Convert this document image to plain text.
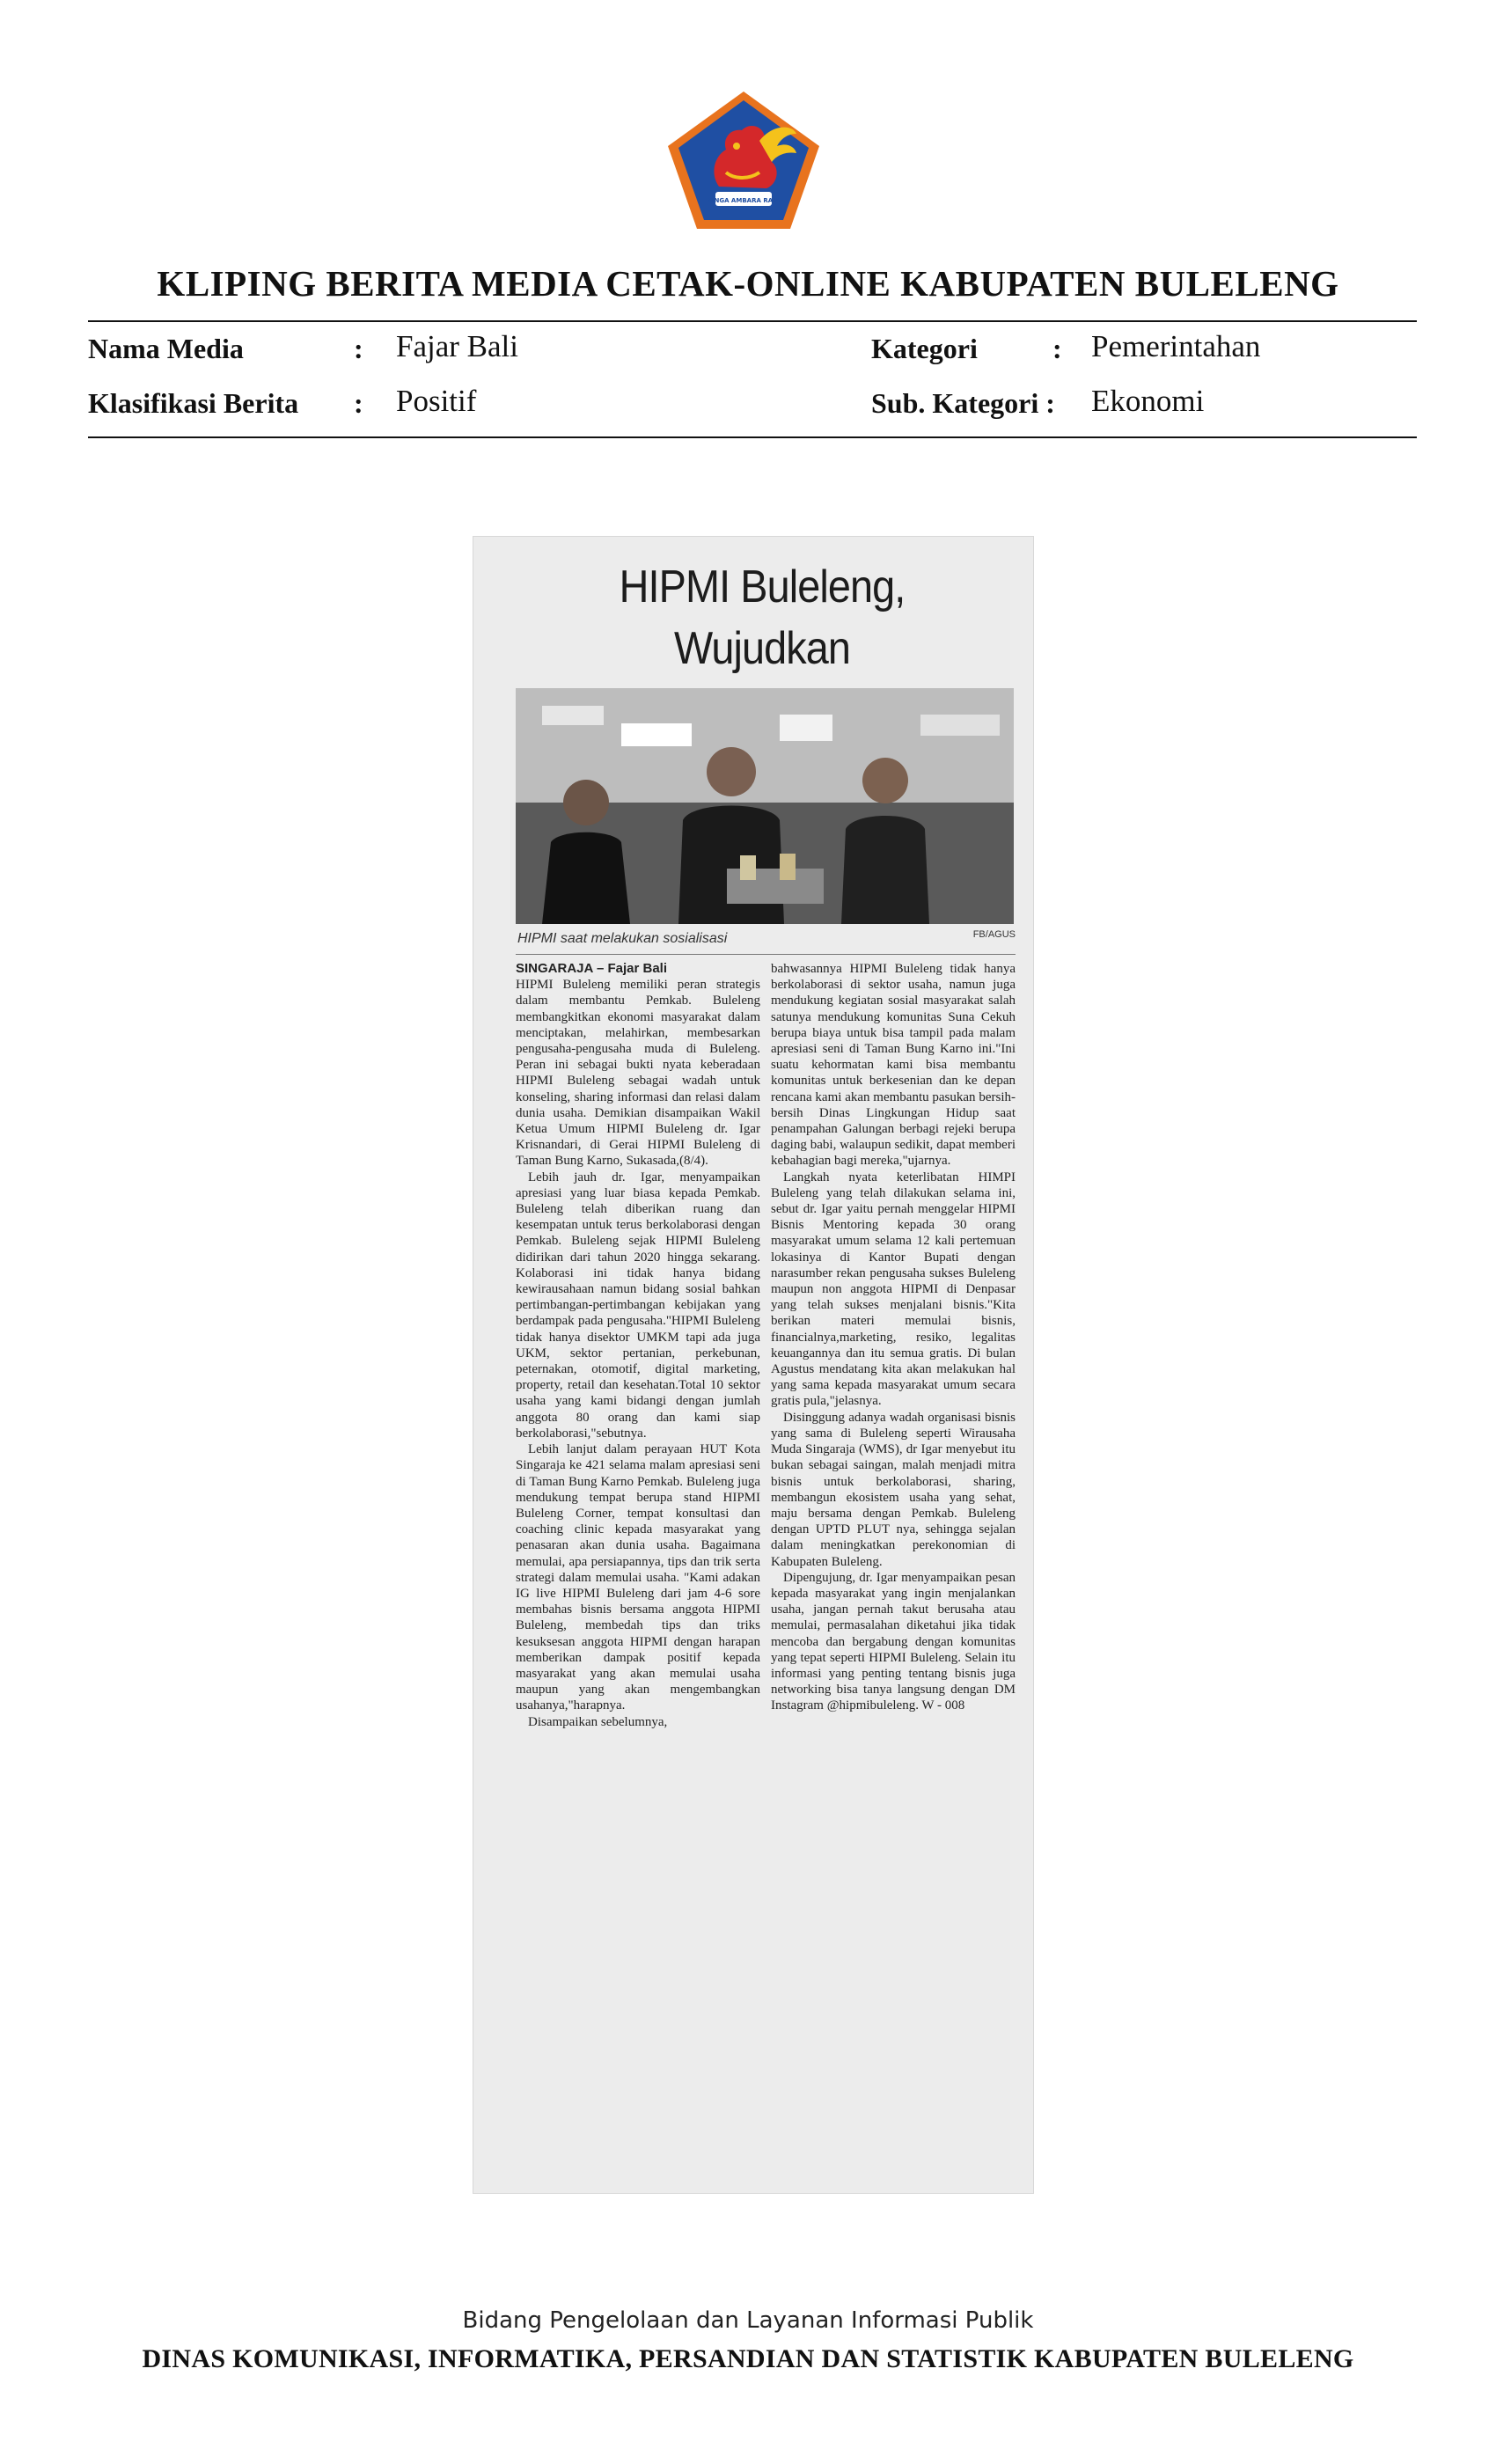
SINGA AMBARA RAJA
KLIPING BERITA MEDIA CETAK-ONLINE KABUPATEN BULELENG
Nama Media	: Fajar Bali	Kategori	: Pemerintahan
Klasifikasi Berita : Positif	Sub. Kategori : Ekonomi
HIPMI Buleleng, Wujudkan
HIPMI saat melakukan sosialisasi	FB/AGUS
SINGARAJA – Fajar Bali

HIPMI Buleleng memiliki peran strategis dalam membantu Pemkab. Buleleng membangkitkan ekonomi masyarakat dalam menciptakan, melahirkan, membesarkan pengusaha-pengusaha muda di Buleleng. Peran ini sebagai bukti nyata keberadaan HIPMI Buleleng sebagai wadah untuk konseling, sharing informasi dan relasi dalam dunia usaha. Demikian disampaikan Wakil Ketua Umum HIPMI Buleleng dr. Igar Krisnandari, di Gerai HIPMI Buleleng di Taman Bung Karno, Sukasada,(8/4).

Lebih jauh dr. Igar, menyampaikan apresiasi yang luar biasa kepada Pemkab. Buleleng telah diberikan ruang dan kesempatan untuk terus berkolaborasi dengan Pemkab. Buleleng sejak HIPMI Buleleng didirikan dari tahun 2020 hingga sekarang. Kolaborasi ini tidak hanya bidang kewirausahaan namun bidang sosial bahkan pertimbangan-pertimbangan kebijakan yang berdampak pada pengusaha."HIPMI Buleleng tidak hanya disektor UMKM tapi ada juga UKM, sektor pertanian, perkebunan, peternakan, otomotif, digital marketing, property, retail dan kesehatan.Total 10 sektor usaha yang kami bidangi dengan jumlah anggota 80 orang dan kami siap berkolaborasi,"sebutnya.

Lebih lanjut dalam perayaan HUT Kota Singaraja ke 421 selama malam apresiasi seni di Taman Bung Karno Pemkab. Buleleng juga mendukung tempat berupa stand HIPMI Buleleng Corner, tempat konsultasi dan coaching clinic kepada masyarakat yang penasaran akan dunia usaha. Bagaimana memulai, apa persiapannya, tips dan trik serta strategi dalam memulai usaha. "Kami adakan IG live HIPMI Buleleng dari jam 4-6 sore membahas bisnis bersama anggota HIPMI Buleleng, membedah tips dan triks kesuksesan anggota HIPMI dengan harapan memberikan dampak positif kepada masyarakat yang akan memulai usaha maupun yang akan mengembangkan usahanya,"harapnya.

Disampaikan sebelumnya,

bahwasannya HIPMI Buleleng tidak hanya berkolaborasi di sektor usaha, namun juga mendukung kegiatan sosial masyarakat salah satunya mendukung komunitas Suna Cekuh berupa biaya untuk bisa tampil pada malam apresiasi seni di Taman Bung Karno ini."Ini suatu kehormatan kami bisa membantu komunitas untuk berkesenian dan ke depan rencana kami akan membantu pasukan bersih-bersih Dinas Lingkungan Hidup saat penampahan Galungan berbagi rejeki berupa daging babi, walaupun sedikit, dapat memberi kebahagian bagi mereka,"ujarnya.

Langkah nyata keterlibatan HIMPI Buleleng yang telah dilakukan selama ini, sebut dr. Igar yaitu pernah menggelar HIPMI Bisnis Mentoring kepada 30 orang masyarakat umum selama 12 kali pertemuan lokasinya di Kantor Bupati dengan narasumber rekan pengusaha sukses Buleleng maupun non anggota HIPMI di Denpasar yang telah sukses menjalani bisnis."Kita berikan materi memulai bisnis, financialnya,marketing, resiko, legalitas keuangannya dan itu semua gratis. Di bulan Agustus mendatang kita akan melakukan hal yang sama kepada masyarakat umum secara gratis pula,"jelasnya.

Disinggung adanya wadah organisasi bisnis yang sama di Buleleng seperti Wirausaha Muda Singaraja (WMS), dr Igar menyebut itu bukan sebagai saingan, malah menjadi mitra bisnis untuk berkolaborasi, sharing, membangun ekosistem usaha yang sehat, maju bersama dengan Pemkab. Buleleng dengan UPTD PLUT nya, sehingga sejalan dalam meningkatkan perekonomian di Kabupaten Buleleng.

Dipengujung, dr. Igar menyampaikan pesan kepada masyarakat yang ingin menjalankan usaha, jangan pernah takut berusaha atau memulai, permasalahan diketahui jika tidak mencoba dan bergabung dengan komunitas yang tepat seperti HIPMI Buleleng. Selain itu informasi yang penting tentang bisnis juga networking bisa tanya langsung dengan DM Instagram @hipmibuleleng. W - 008

Bidang Pengelolaan dan Layanan Informasi Publik
DINAS KOMUNIKASI, INFORMATIKA, PERSANDIAN DAN STATISTIK KABUPATEN BULELENG
